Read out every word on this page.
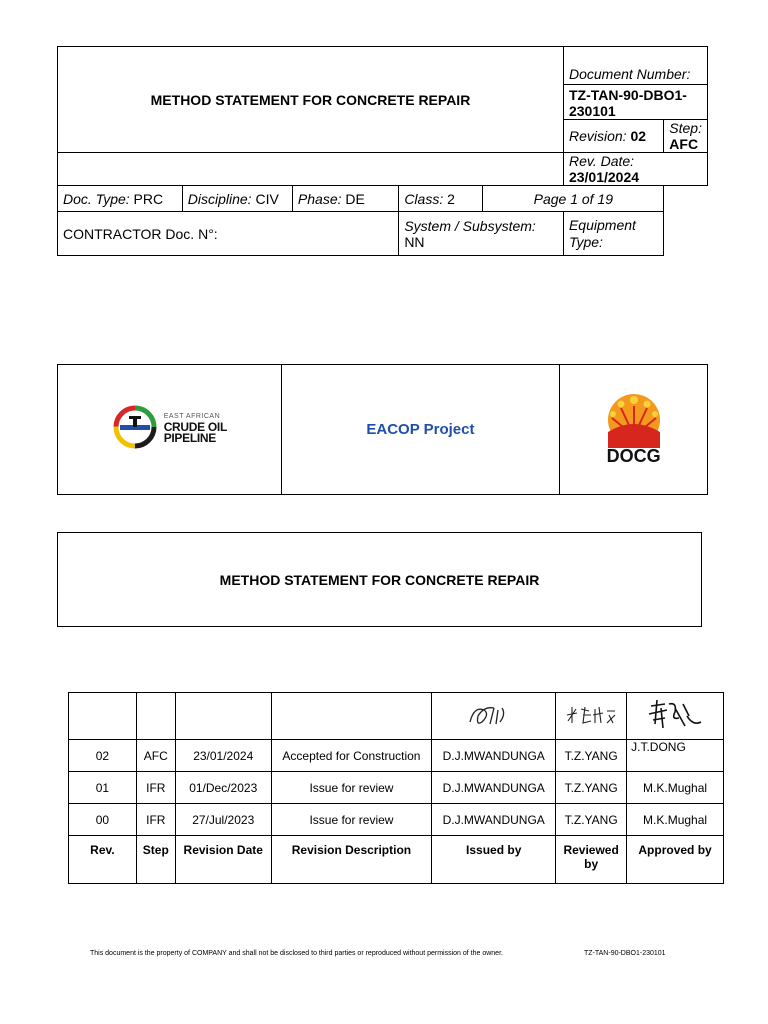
METHOD STATEMENT FOR CONCRETE REPAIR					Document Number:	
					TZ-TAN-90-DBO1-230101	
					Revision: 02	Step: AFC
					Rev. Date: 23/01/2024	
Doc. Type: PRC	Discipline: CIV	Phase: DE	Class: 2	Page 1 of 19		
CONTRACTOR Doc. N°:			System / Subsystem: NN		Equipment Type:	
EAST AFRICAN
CRUDE OIL
PIPELINE	EACOP Project	
DOCG
METHOD STATEMENT FOR CONCRETE REPAIR

02	AFC	23/01/2024	Accepted for Construction	D.J.MWANDUNGA	T.Z.YANG	J.T.DONG
01	IFR	01/Dec/2023	Issue for review	D.J.MWANDUNGA	T.Z.YANG	M.K.Mughal
00	IFR	27/Jul/2023	Issue for review	D.J.MWANDUNGA	T.Z.YANG	M.K.Mughal
Rev.	Step	Revision Date	Revision Description	Issued by	Reviewed by	Approved by
This document is the property of COMPANY and shall not be disclosed to third parties or reproduced without permission of the owner.	TZ-TAN-90-DBO1-230101
